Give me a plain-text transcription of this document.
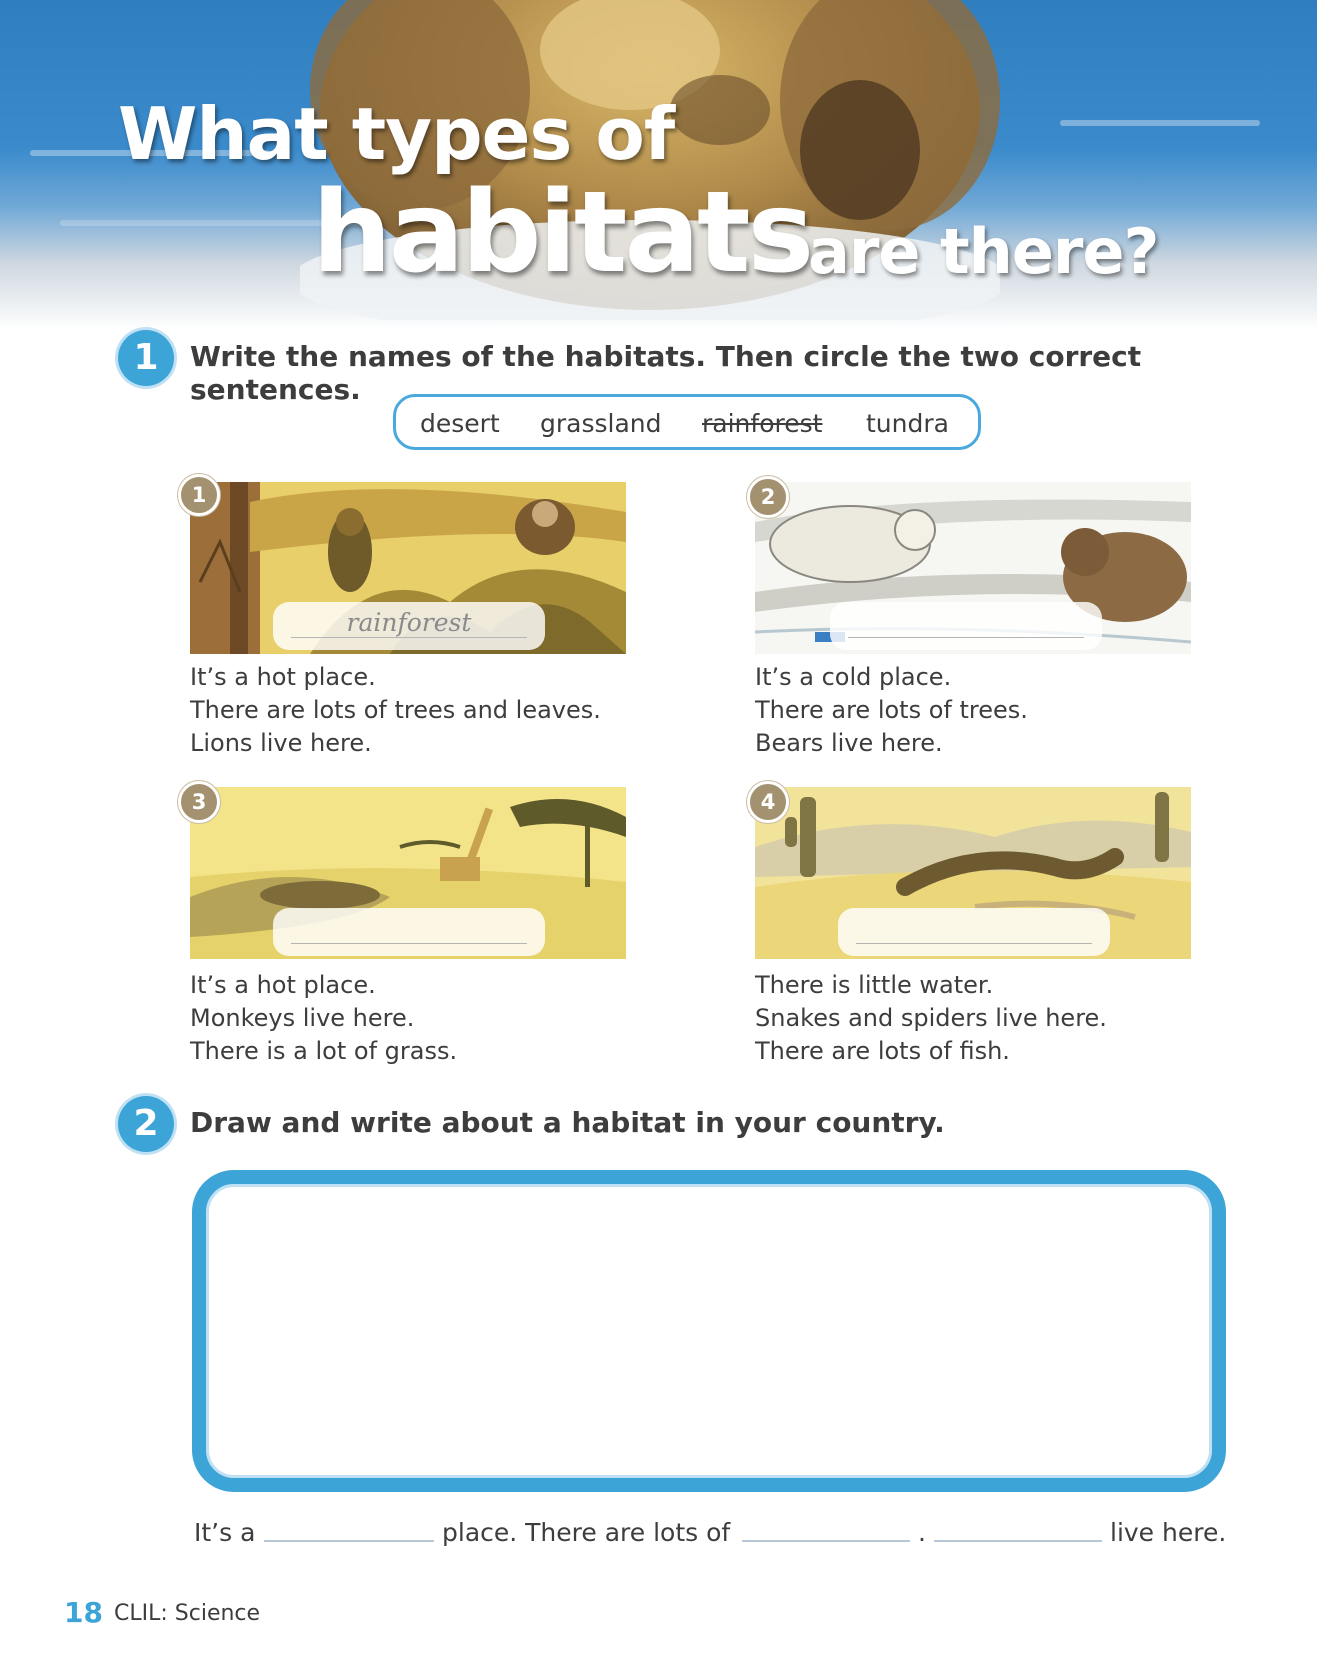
What types of
habitats
are there?
1	Write the names of the habitats. Then circle the two correct sentences.
desert grassland rainforest tundra
1
rainforest
It’s a hot place.
There are lots of trees and leaves.
Lions live here.
2
It’s a cold place.
There are lots of trees.
Bears live here.
3
It’s a hot place.
Monkeys live here.
There is a lot of grass.
4
There is little water.
Snakes and spiders live here.
There are lots of fish.
2	Draw and write about a habitat in your country.
It’s a	place. There are lots of	.	live here.
18 CLIL: Science
